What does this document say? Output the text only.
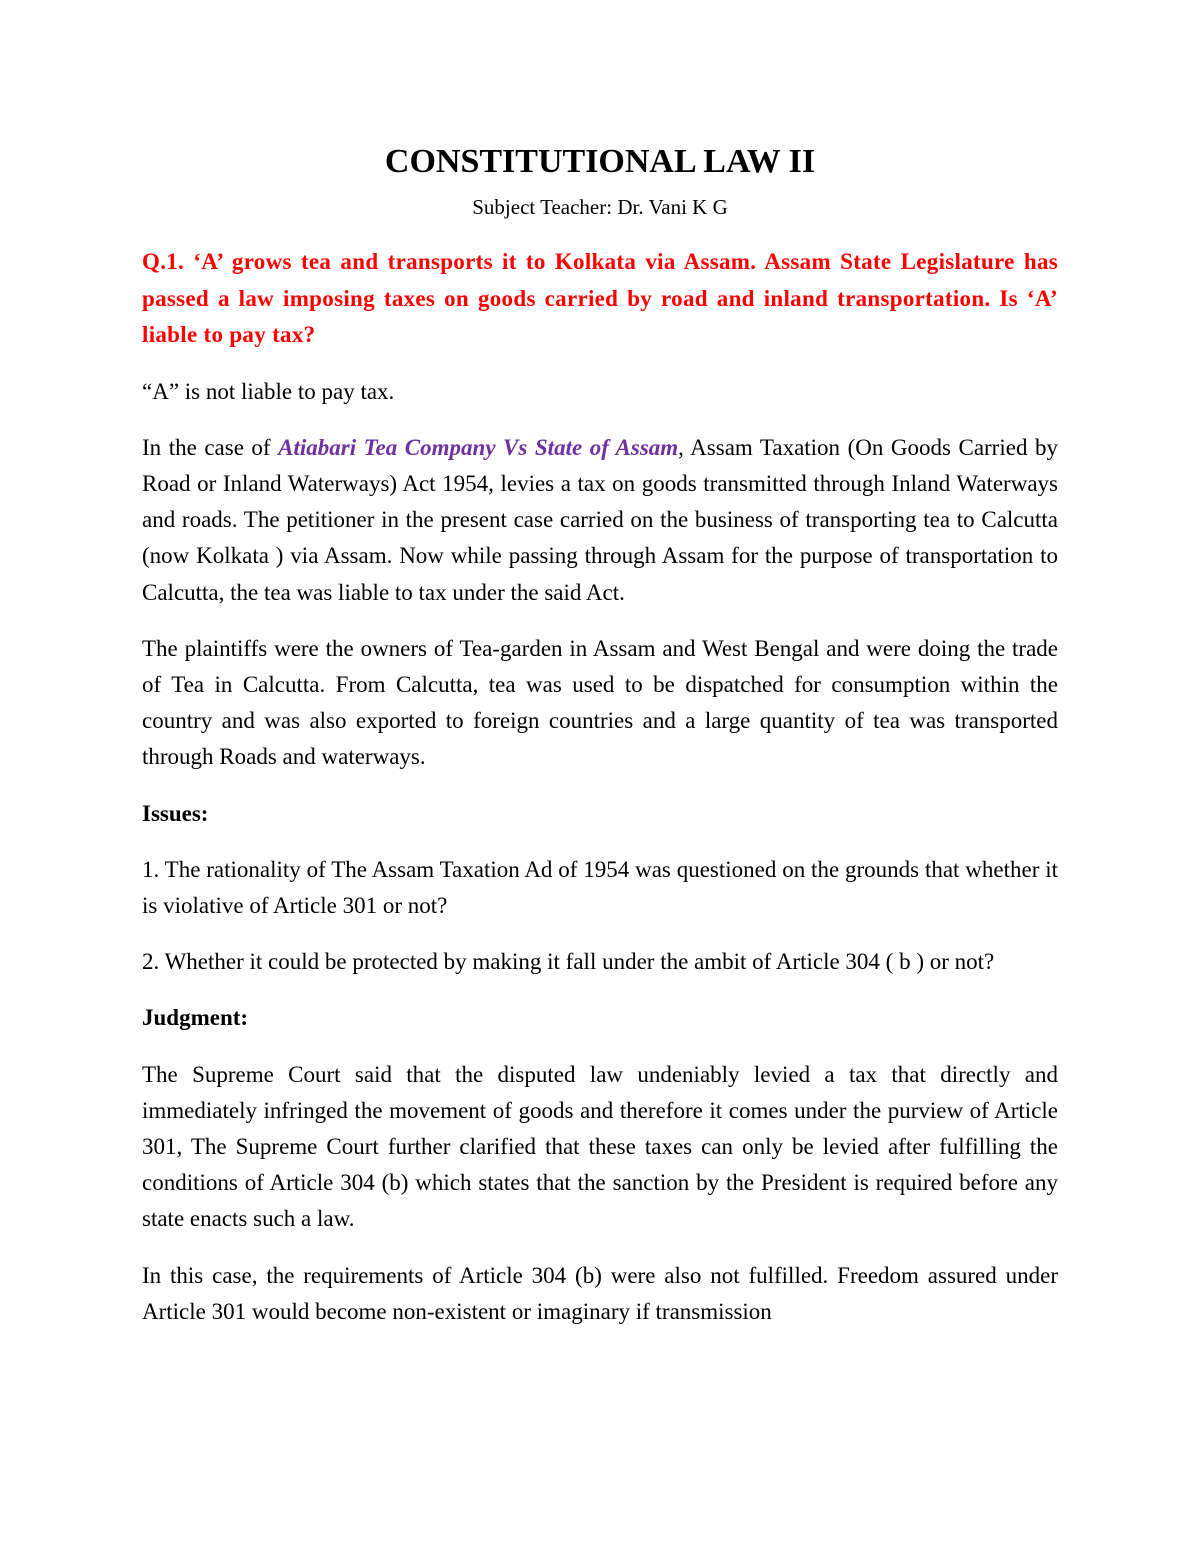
CONSTITUTIONAL LAW II
Subject Teacher: Dr. Vani K G
Q.1. ‘A’ grows tea and transports it to Kolkata via Assam. Assam State Legislature has passed a law imposing taxes on goods carried by road and inland transportation. Is ‘A’ liable to pay tax?

“A” is not liable to pay tax.

In the case of Atiabari Tea Company Vs State of Assam, Assam Taxation (On Goods Carried by Road or Inland Waterways) Act 1954, levies a tax on goods transmitted through Inland Waterways and roads. The petitioner in the present case carried on the business of transporting tea to Calcutta (now Kolkata ) via Assam. Now while passing through Assam for the purpose of transportation to Calcutta, the tea was liable to tax under the said Act.

The plaintiffs were the owners of Tea-garden in Assam and West Bengal and were doing the trade of Tea in Calcutta. From Calcutta, tea was used to be dispatched for consumption within the country and was also exported to foreign countries and a large quantity of tea was transported through Roads and waterways.

Issues:

1. The rationality of The Assam Taxation Ad of 1954 was questioned on the grounds that whether it is violative of Article 301 or not?

2. Whether it could be protected by making it fall under the ambit of Article 304 ( b ) or not?

Judgment:

The Supreme Court said that the disputed law undeniably levied a tax that directly and immediately infringed the movement of goods and therefore it comes under the purview of Article 301, The Supreme Court further clarified that these taxes can only be levied after fulfilling the conditions of Article 304 (b) which states that the sanction by the President is required before any state enacts such a law.

In this case, the requirements of Article 304 (b) were also not fulfilled. Freedom assured under Article 301 would become non-existent or imaginary if transmission
